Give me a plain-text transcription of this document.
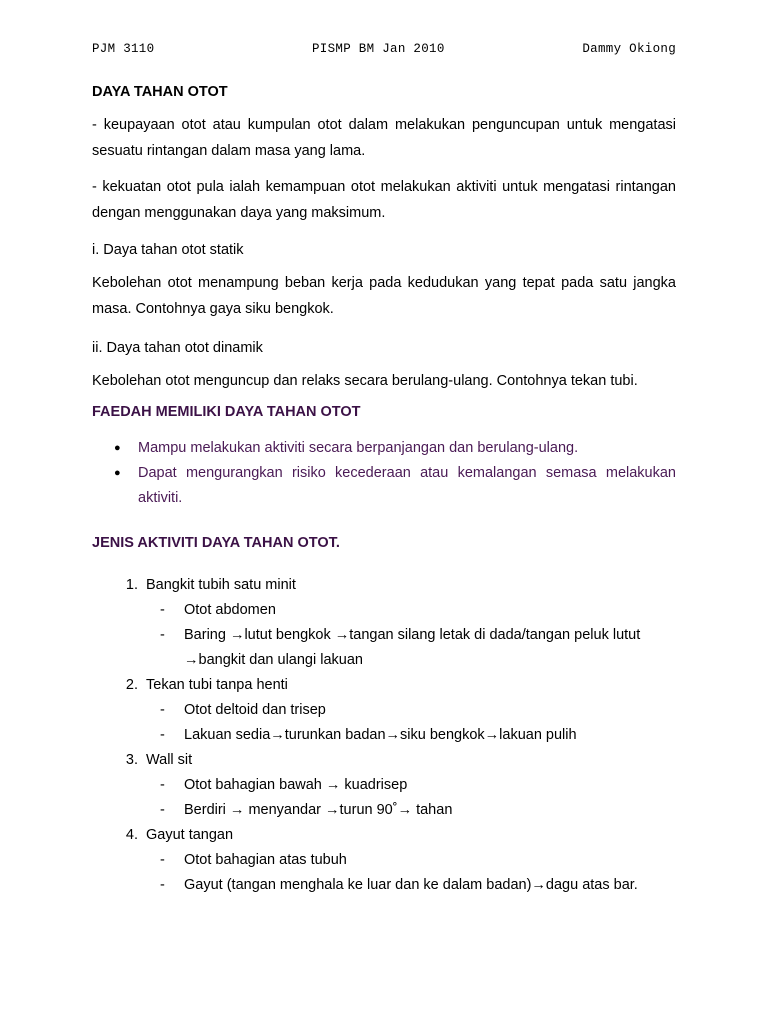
PJM 3110	PISMP BM Jan 2010	Dammy Okiong
DAYA TAHAN OTOT

- keupayaan otot atau kumpulan otot dalam melakukan penguncupan untuk mengatasi sesuatu rintangan dalam masa yang lama.

- kekuatan otot pula ialah kemampuan otot melakukan aktiviti untuk mengatasi rintangan dengan menggunakan daya yang maksimum.

i. Daya tahan otot statik

Kebolehan otot menampung beban kerja pada kedudukan yang tepat pada satu jangka masa. Contohnya gaya siku bengkok.

ii. Daya tahan otot dinamik

Kebolehan otot menguncup dan relaks secara berulang-ulang. Contohnya tekan tubi.

FAEDAH MEMILIKI DAYA TAHAN OTOT
● Mampu melakukan aktiviti secara berpanjangan dan berulang-ulang.
● Dapat mengurangkan risiko kecederaan atau kemalangan semasa melakukan aktiviti.
JENIS AKTIVITI DAYA TAHAN OTOT.
1. Bangkit tubih satu minit
- Otot abdomen
- Baring →lutut bengkok →tangan silang letak di dada/tangan peluk lutut
→bangkit dan ulangi lakuan
2. Tekan tubi tanpa henti
- Otot deltoid dan trisep
- Lakuan sedia→turunkan badan→siku bengkok→lakuan pulih
3. Wall sit
- Otot bahagian bawah → kuadrisep
- Berdiri → menyandar →turun 90˚→ tahan
4. Gayut tangan
- Otot bahagian atas tubuh
- Gayut (tangan menghala ke luar dan ke dalam badan)→dagu atas bar.
